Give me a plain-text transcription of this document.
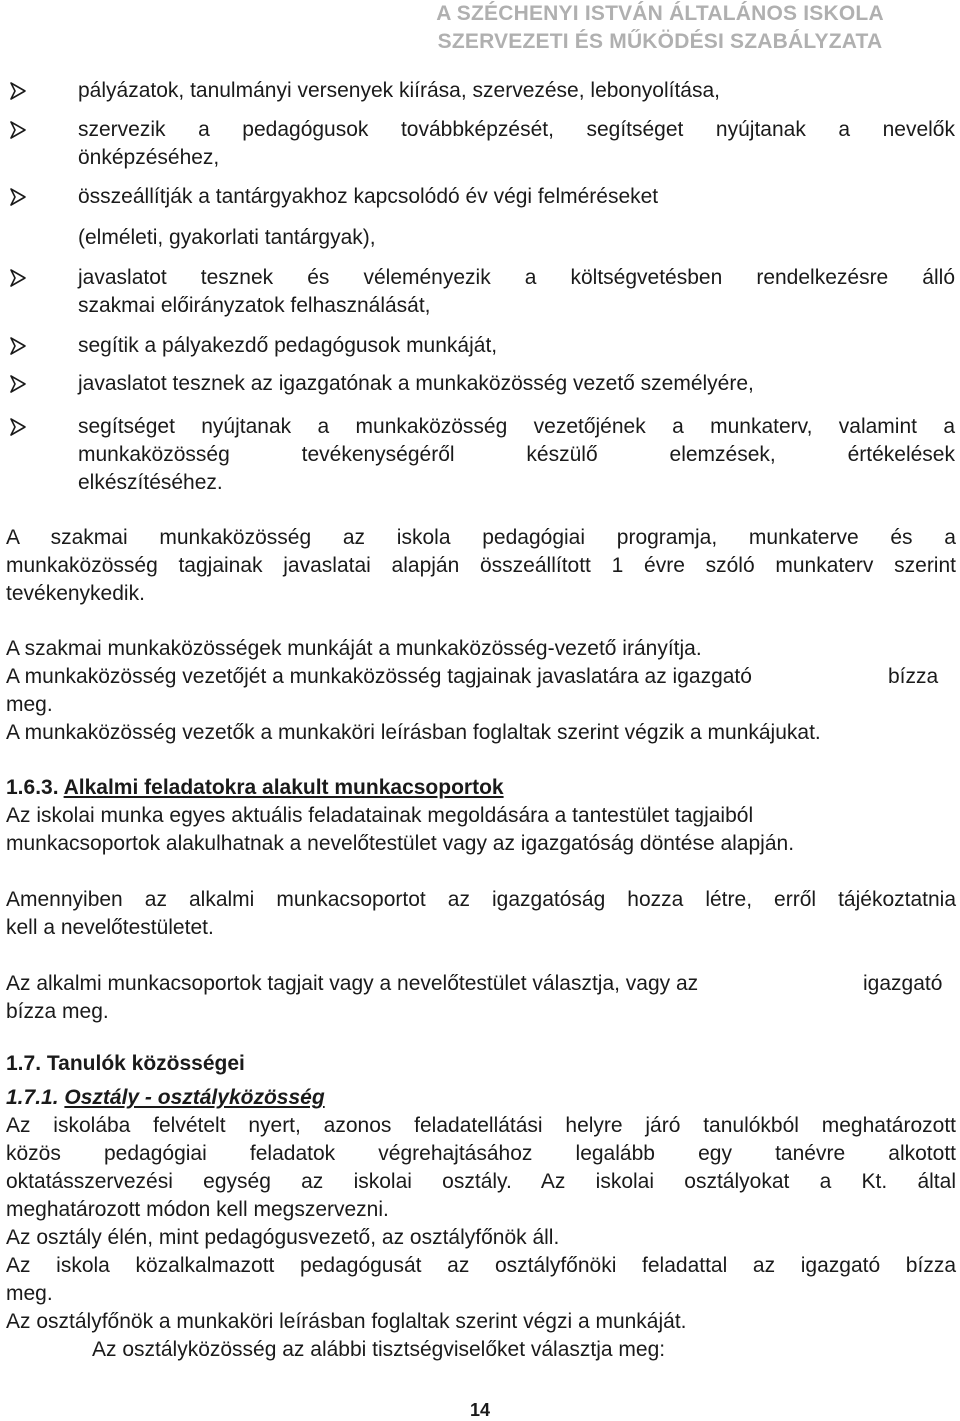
A SZÉCHENYI ISTVÁN ÁLTALÁNOS ISKOLA
SZERVEZETI ÉS MŰKÖDÉSI SZABÁLYZATA
pályázatok, tanulmányi versenyek kiírása, szervezése, lebonyolítása,
szervezik a pedagógusok továbbképzését, segítséget nyújtanak a nevelők
önképzéséhez,
összeállítják a tantárgyakhoz kapcsolódó év végi felméréseket
(elméleti, gyakorlati tantárgyak),
javaslatot tesznek és véleményezik a költségvetésben rendelkezésre álló
szakmai előirányzatok felhasználását,
segítik a pályakezdő pedagógusok munkáját,
javaslatot tesznek az igazgatónak a munkaközösség vezető személyére,
segítséget nyújtanak a munkaközösség vezetőjének a munkaterv, valamint a
munkaközösség tevékenységéről készülő elemzések, értékelések
elkészítéséhez.
A szakmai munkaközösség az iskola pedagógiai programja, munkaterve és a
munkaközösség tagjainak javaslatai alapján összeállított 1 évre szóló munkaterv szerint
tevékenykedik.
A szakmai munkaközösségek munkáját a munkaközösség-vezető irányítja.
A munkaközösség vezetőjét a munkaközösség tagjainak javaslatára az igazgató	bízza
meg.
A munkaközösség vezetők a munkaköri leírásban foglaltak szerint végzik a munkájukat.
1.6.3. Alkalmi feladatokra alakult munkacsoportok
Az iskolai munka egyes aktuális feladatainak megoldására a tantestület tagjaiból
munkacsoportok alakulhatnak a nevelőtestület vagy az igazgatóság döntése alapján.
Amennyiben az alkalmi munkacsoportot az igazgatóság hozza létre, erről tájékoztatnia
kell a nevelőtestületet.
Az alkalmi munkacsoportok tagjait vagy a nevelőtestület választja, vagy az	igazgató
bízza meg.
1.7. Tanulók közösségei
1.7.1. Osztály - osztályközösség
Az iskolába felvételt nyert, azonos feladatellátási helyre járó tanulókból meghatározott
közös pedagógiai feladatok végrehajtásához legalább egy tanévre alkotott
oktatásszervezési egység az iskolai osztály. Az iskolai osztályokat a Kt. által
meghatározott módon kell megszervezni.
Az osztály élén, mint pedagógusvezető, az osztályfőnök áll.
Az iskola közalkalmazott pedagógusát az osztályfőnöki feladattal az igazgató bízza
meg.
Az osztályfőnök a munkaköri leírásban foglaltak szerint végzi a munkáját.
Az osztályközösség az alábbi tisztségviselőket választja meg:
14
